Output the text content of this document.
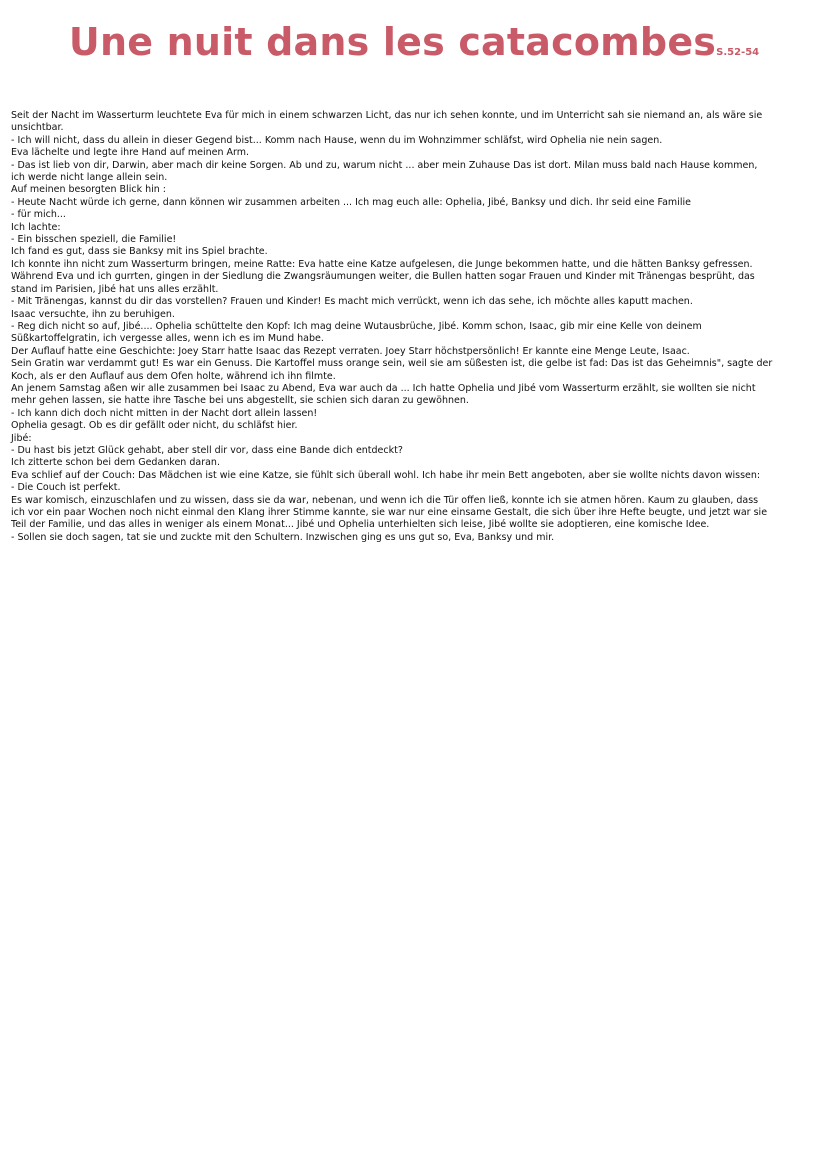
Une nuit dans les catacombesS.52-54

Seit der Nacht im Wasserturm leuchtete Eva für mich in einem schwarzen Licht, das nur ich sehen konnte, und im Unterricht sah sie niemand an, als wäre sie unsichtbar.

- Ich will nicht, dass du allein in dieser Gegend bist... Komm nach Hause, wenn du im Wohnzimmer schläfst, wird Ophelia nie nein sagen.

Eva lächelte und legte ihre Hand auf meinen Arm.

- Das ist lieb von dir, Darwin, aber mach dir keine Sorgen. Ab und zu, warum nicht ... aber mein Zuhause Das ist dort. Milan muss bald nach Hause kommen, ich werde nicht lange allein sein.

Auf meinen besorgten Blick hin :

- Heute Nacht würde ich gerne, dann können wir zusammen arbeiten ... Ich mag euch alle: Ophelia, Jibé, Banksy und dich. Ihr seid eine Familie

- für mich...

Ich lachte:

- Ein bisschen speziell, die Familie!

Ich fand es gut, dass sie Banksy mit ins Spiel brachte.

Ich konnte ihn nicht zum Wasserturm bringen, meine Ratte: Eva hatte eine Katze aufgelesen, die Junge bekommen hatte, und die hätten Banksy gefressen. Während Eva und ich gurrten, gingen in der Siedlung die Zwangsräumungen weiter, die Bullen hatten sogar Frauen und Kinder mit Tränengas besprüht, das stand im Parisien, Jibé hat uns alles erzählt.

- Mit Tränengas, kannst du dir das vorstellen? Frauen und Kinder! Es macht mich verrückt, wenn ich das sehe, ich möchte alles kaputt machen.

Isaac versuchte, ihn zu beruhigen.

- Reg dich nicht so auf, Jibé.... Ophelia schüttelte den Kopf: Ich mag deine Wutausbrüche, Jibé. Komm schon, Isaac, gib mir eine Kelle von deinem Süßkartoffelgratin, ich vergesse alles, wenn ich es im Mund habe.

Der Auflauf hatte eine Geschichte: Joey Starr hatte Isaac das Rezept verraten. Joey Starr höchstpersönlich! Er kannte eine Menge Leute, Isaac.

Sein Gratin war verdammt gut! Es war ein Genuss. Die Kartoffel muss orange sein, weil sie am süßesten ist, die gelbe ist fad: Das ist das Geheimnis", sagte der Koch, als er den Auflauf aus dem Ofen holte, während ich ihn filmte.

An jenem Samstag aßen wir alle zusammen bei Isaac zu Abend, Eva war auch da ... Ich hatte Ophelia und Jibé vom Wasserturm erzählt, sie wollten sie nicht mehr gehen lassen, sie hatte ihre Tasche bei uns abgestellt, sie schien sich daran zu gewöhnen.

- Ich kann dich doch nicht mitten in der Nacht dort allein lassen!

Ophelia gesagt. Ob es dir gefällt oder nicht, du schläfst hier.

Jibé:

- Du hast bis jetzt Glück gehabt, aber stell dir vor, dass eine Bande dich entdeckt?

Ich zitterte schon bei dem Gedanken daran.

Eva schlief auf der Couch: Das Mädchen ist wie eine Katze, sie fühlt sich überall wohl. Ich habe ihr mein Bett angeboten, aber sie wollte nichts davon wissen:

- Die Couch ist perfekt.

Es war komisch, einzuschlafen und zu wissen, dass sie da war, nebenan, und wenn ich die Tür offen ließ, konnte ich sie atmen hören. Kaum zu glauben, dass ich vor ein paar Wochen noch nicht einmal den Klang ihrer Stimme kannte, sie war nur eine einsame Gestalt, die sich über ihre Hefte beugte, und jetzt war sie Teil der Familie, und das alles in weniger als einem Monat... Jibé und Ophelia unterhielten sich leise, Jibé wollte sie adoptieren, eine komische Idee.

- Sollen sie doch sagen, tat sie und zuckte mit den Schultern. Inzwischen ging es uns gut so, Eva, Banksy und mir.
